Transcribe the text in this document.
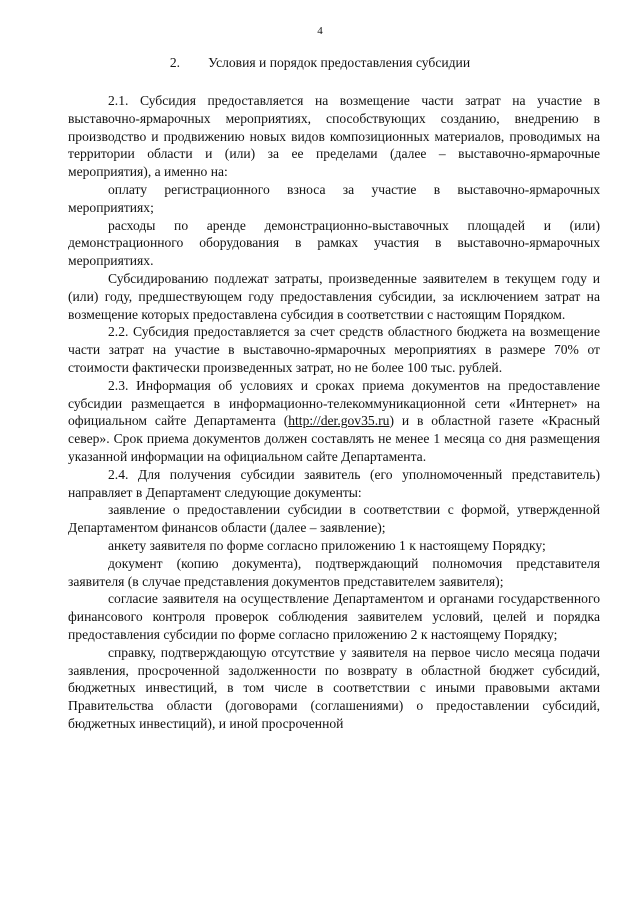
4
2. Условия и порядок предоставления субсидии

2.1. Субсидия предоставляется на возмещение части затрат на участие в выставочно-ярмарочных мероприятиях, способствующих созданию, внедрению в производство и продвижению новых видов композиционных материалов, проводимых на территории области и (или) за ее пределами (далее – выставочно-ярмарочные мероприятия), а именно на:

оплату регистрационного взноса за участие в выставочно-ярмарочных мероприятиях;

расходы по аренде демонстрационно-выставочных площадей и (или) демонстрационного оборудования в рамках участия в выставочно-ярмарочных мероприятиях.

Субсидированию подлежат затраты, произведенные заявителем в текущем году и (или) году, предшествующем году предоставления субсидии, за исключением затрат на возмещение которых предоставлена субсидия в соответствии с настоящим Порядком.

2.2. Субсидия предоставляется за счет средств областного бюджета на возмещение части затрат на участие в выставочно-ярмарочных мероприятиях в размере 70% от стоимости фактически произведенных затрат, но не более 100 тыс. рублей.

2.3. Информация об условиях и сроках приема документов на предоставление субсидии размещается в информационно-телекоммуникационной сети «Интернет» на официальном сайте Департамента (http://der.gov35.ru) и в областной газете «Красный север». Срок приема документов должен составлять не менее 1 месяца со дня размещения указанной информации на официальном сайте Департамента.

2.4. Для получения субсидии заявитель (его уполномоченный представитель) направляет в Департамент следующие документы:

заявление о предоставлении субсидии в соответствии с формой, утвержденной Департаментом финансов области (далее – заявление);

анкету заявителя по форме согласно приложению 1 к настоящему Порядку;

документ (копию документа), подтверждающий полномочия представителя заявителя (в случае представления документов представителем заявителя);

согласие заявителя на осуществление Департаментом и органами государственного финансового контроля проверок соблюдения заявителем условий, целей и порядка предоставления субсидии по форме согласно приложению 2 к настоящему Порядку;

справку, подтверждающую отсутствие у заявителя на первое число месяца подачи заявления, просроченной задолженности по возврату в областной бюджет субсидий, бюджетных инвестиций, в том числе в соответствии с иными правовыми актами Правительства области (договорами (соглашениями) о предоставлении субсидий, бюджетных инвестиций), и иной просроченной
